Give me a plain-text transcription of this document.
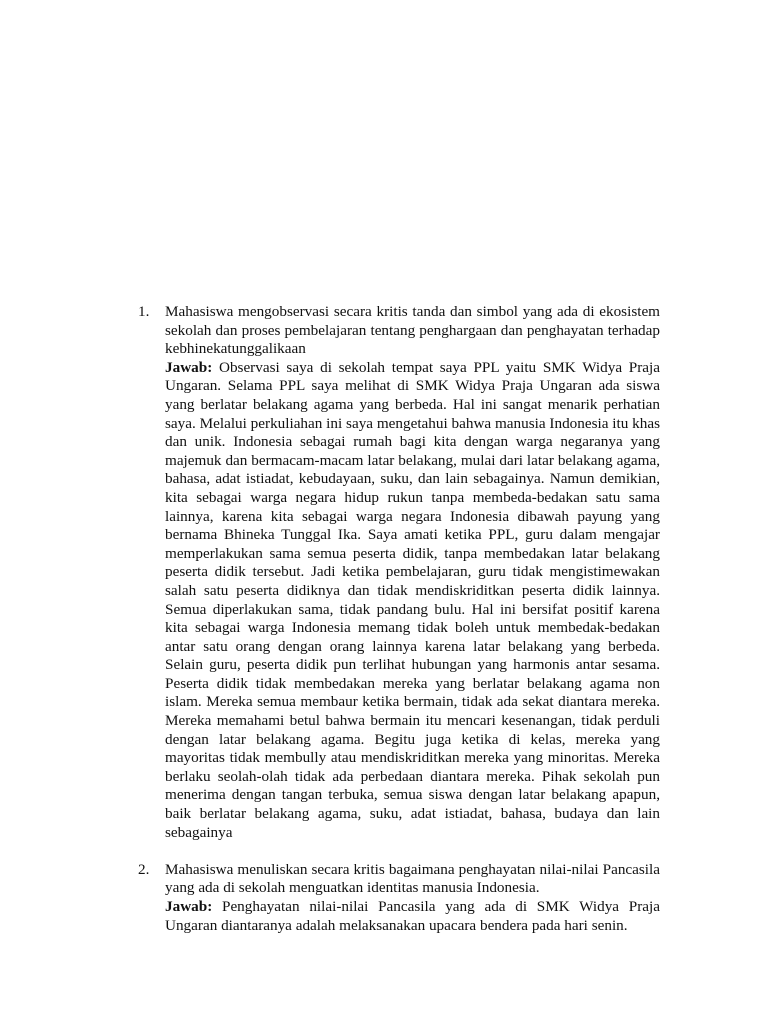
1. Mahasiswa mengobservasi secara kritis tanda dan simbol yang ada di ekosistem sekolah dan proses pembelajaran tentang penghargaan dan penghayatan terhadap kebhinekatunggalikaan

Jawab: Observasi saya di sekolah tempat saya PPL yaitu SMK Widya Praja Ungaran. Selama PPL saya melihat di SMK Widya Praja Ungaran ada siswa yang berlatar belakang agama yang berbeda. Hal ini sangat menarik perhatian saya. Melalui perkuliahan ini saya mengetahui bahwa manusia Indonesia itu khas dan unik. Indonesia sebagai rumah bagi kita dengan warga negaranya yang majemuk dan bermacam-macam latar belakang, mulai dari latar belakang agama, bahasa, adat istiadat, kebudayaan, suku, dan lain sebagainya. Namun demikian, kita sebagai warga negara hidup rukun tanpa membeda-bedakan satu sama lainnya, karena kita sebagai warga negara Indonesia dibawah payung yang bernama Bhineka Tunggal Ika. Saya amati ketika PPL, guru dalam mengajar memperlakukan sama semua peserta didik, tanpa membedakan latar belakang peserta didik tersebut. Jadi ketika pembelajaran, guru tidak mengistimewakan salah satu peserta didiknya dan tidak mendiskriditkan peserta didik lainnya. Semua diperlakukan sama, tidak pandang bulu. Hal ini bersifat positif karena kita sebagai warga Indonesia memang tidak boleh untuk membedak-bedakan antar satu orang dengan orang lainnya karena latar belakang yang berbeda. Selain guru, peserta didik pun terlihat hubungan yang harmonis antar sesama. Peserta didik tidak membedakan mereka yang berlatar belakang agama non islam. Mereka semua membaur ketika bermain, tidak ada sekat diantara mereka. Mereka memahami betul bahwa bermain itu mencari kesenangan, tidak perduli dengan latar belakang agama. Begitu juga ketika di kelas, mereka yang mayoritas tidak membully atau mendiskriditkan mereka yang minoritas. Mereka berlaku seolah-olah tidak ada perbedaan diantara mereka. Pihak sekolah pun menerima dengan tangan terbuka, semua siswa dengan latar belakang apapun, baik berlatar belakang agama, suku, adat istiadat, bahasa, budaya dan lain sebagainya

2. Mahasiswa menuliskan secara kritis bagaimana penghayatan nilai-nilai Pancasila yang ada di sekolah menguatkan identitas manusia Indonesia.

Jawab: Penghayatan nilai-nilai Pancasila yang ada di SMK Widya Praja Ungaran diantaranya adalah melaksanakan upacara bendera pada hari senin.
